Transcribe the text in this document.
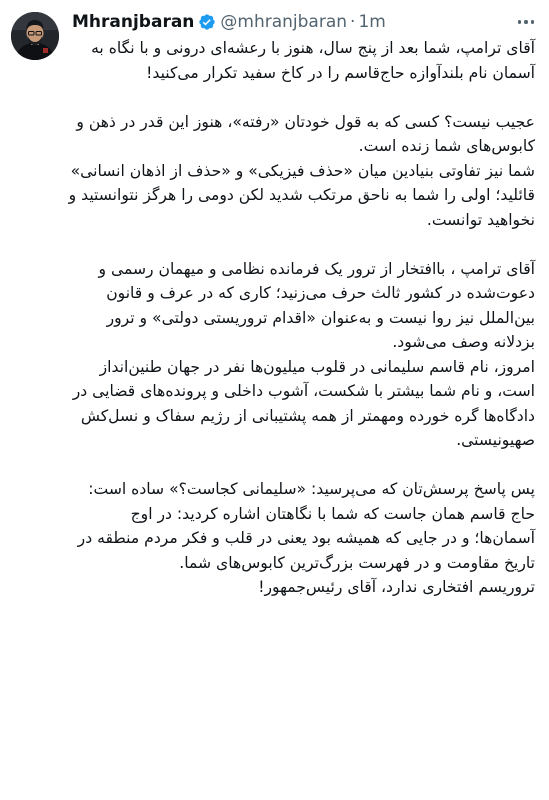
Mhranjbaran @mhranjbaran · 1m

آقای ترامپ، شما بعد از پنج سال، هنوز با رعشه‌ای درونی و با نگاه به آسمان نام بلندآوازه حاج‌قاسم را در کاخ سفید تکرار می‌کنید!

عجیب نیست؟ کسی که به قول خودتان «رفته»، هنوز این قدر در ذهن و کابوس‌های شما زنده است.

شما نیز تفاوتی بنیادین میان «حذف فیزیکی» و «حذف از اذهان انسانی» قائلید؛ اولی را شما به ناحق مرتکب شدید لکن دومی را هرگز نتوانستید و نخواهید توانست.

آقای ترامپ ، باافتخار از ترور یک فرمانده نظامی و میهمان رسمی و دعوت‌شده در کشور ثالث حرف می‌زنید؛ کاری که در عرف و قانون بین‌الملل نیز روا نیست و به‌عنوان «اقدام تروریستی دولتی» و ترور بزدلانه وصف می‌شود.

امروز، نام قاسم سلیمانی در قلوب میلیون‌ها نفر در جهان طنین‌انداز است، و نام شما بیشتر با شکست، آشوب داخلی و پرونده‌های قضایی در دادگاه‌ها گره خورده ومهمتر از همه پشتیبانی از رژیم سفاک و نسل‌کش صهیونیستی.

پس پاسخ پرسش‌تان که می‌پرسید: «سلیمانی کجاست؟» ساده است:

حاج قاسم همان جاست که شما با نگاهتان اشاره کردید: در اوج آسمان‌ها؛ و در جایی که همیشه بود یعنی در قلب و فکر مردم منطقه در تاریخ مقاومت و در فهرست بزرگ‌ترین کابوس‌های شما.

تروریسم افتخاری ندارد، آقای رئیس‌جمهور!
